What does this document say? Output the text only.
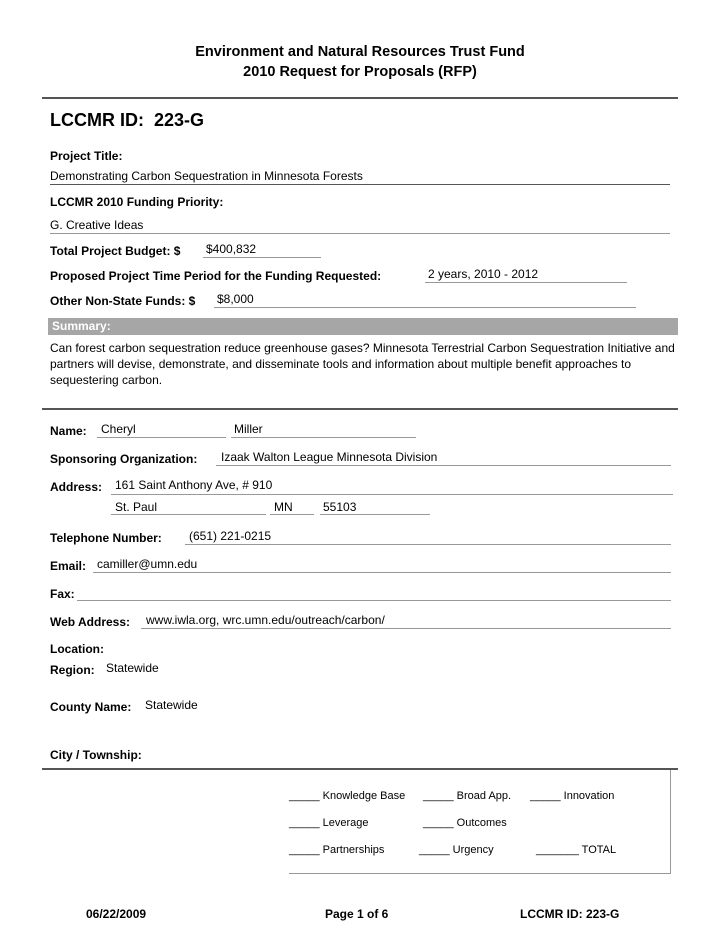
Environment and Natural Resources Trust Fund
2010 Request for Proposals (RFP)
LCCMR ID: 223-G
Project Title:
Demonstrating Carbon Sequestration in Minnesota Forests
LCCMR 2010 Funding Priority:
G. Creative Ideas
Total Project Budget: $ $400,832
Proposed Project Time Period for the Funding Requested:	2 years, 2010 - 2012
Other Non-State Funds: $ $8,000
Summary:
Can forest carbon sequestration reduce greenhouse gases? Minnesota Terrestrial Carbon Sequestration Initiative and partners will devise, demonstrate, and disseminate tools and information about multiple benefit approaches to sequestering carbon.
Name: Cheryl	Miller
Sponsoring Organization: Izaak Walton League Minnesota Division
Address: 161 Saint Anthony Ave, # 910
St. Paul	MN	55103
Telephone Number: (651) 221-0215
Email: camiller@umn.edu
Fax:
Web Address: www.iwla.org, wrc.umn.edu/outreach/carbon/
Location:
Region: Statewide
County Name: Statewide
City / Township:
_____ Knowledge Base _____ Broad App. _____ Innovation
_____ Leverage	_____ Outcomes
_____ Partnerships	_____ Urgency	_______ TOTAL
06/22/2009	Page 1 of 6	LCCMR ID: 223-G
